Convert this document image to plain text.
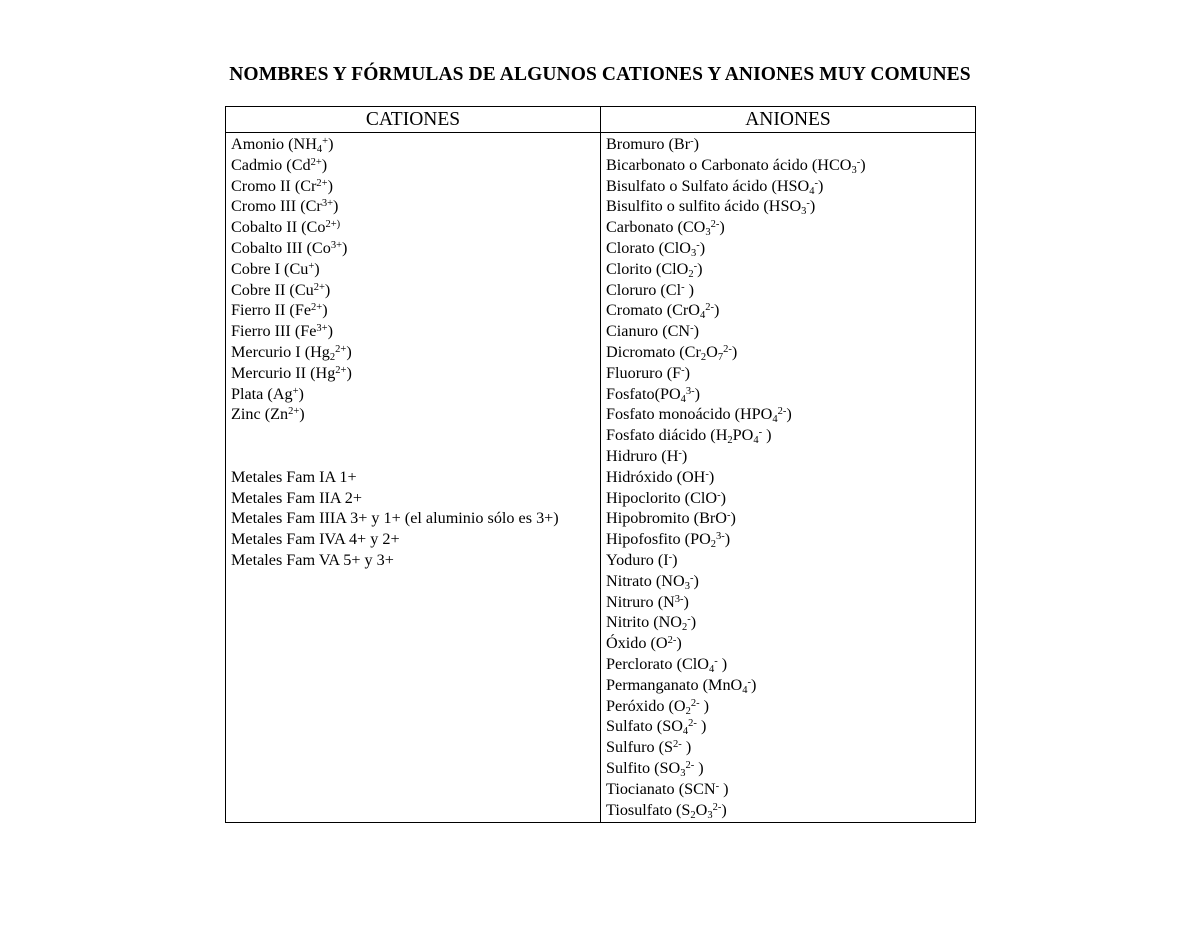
NOMBRES Y FÓRMULAS DE ALGUNOS CATIONES Y ANIONES MUY COMUNES
CATIONES	ANIONES
Amonio $(NH_4^+)$
Cadmio $(Cd^{2+})$
Cromo II $(Cr^{2+})$
Cromo III $(Cr^{3+})$
Cobalto II ($Co^{2+)}$
Cobalto III $(Co^{3+})$
Cobre I (Cu+)
Cobre II $(Cu^{2+})$
Fierro II $(Fe^{2+})$
Fierro III $(Fe^{3+})$
Mercurio I $(Hg_2^{2+})$
Mercurio II $(Hg^{2+})$
Plata (Ag+)
Zinc $(Zn^{2+})$
Metales Fam IA 1+
Metales Fam IIA 2+
Metales Fam IIIA 3+ y 1+ (el aluminio sólo es 3+)
Metales Fam IVA 4+ y 2+
Metales Fam VA 5+ y 3+
Bromuro (Br-)
Bicarbonato o Carbonato ácido $(HCO_3^-)$
Bisulfato o Sulfato ácido $(HSO_4^-)$
Bisulfito o sulfito ácido $(HSO_3^-)$
Carbonato $(CO_3^{2-})$
Clorato (ClO$_3$-)
Clorito (ClO$_2$-)
Cloruro (Cl- )
Cromato (CrO$_4^{2-}$)
Cianuro (CN-)
Dicromato $(Cr_2O_7^{2-})$
Fluoruro (F-)
$Fosfato(PO_4^{3-})$
Fosfato monoácido $(HPO_4^{2-})$
Fosfato diácido ($H_2PO_4^-$ )
Hidruro (H-)
Hidróxido (OH-)
Hipoclorito (ClO-)
Hipobromito (BrO-)
Hipofosfito $(PO_2^{3-})$
Yoduro (I-)
Nitrato $(NO_3^-)$
Nitruro $(N^{3-})$
Nitrito $(NO_2^-)$
Óxido $(O^{2-})$
Perclorato (ClO$_4$- )
Permanganato (MnO$_4$-)
Peróxido ($O_2^{2-}$ )
Sulfato ($SO_4^{2-}$ )
Sulfuro ($S^{2-}$ )
Sulfito ($SO_3^{2-}$ )
Tiocianato (SCN- )
Tiosulfato $(S_2O_3^{2-})$
